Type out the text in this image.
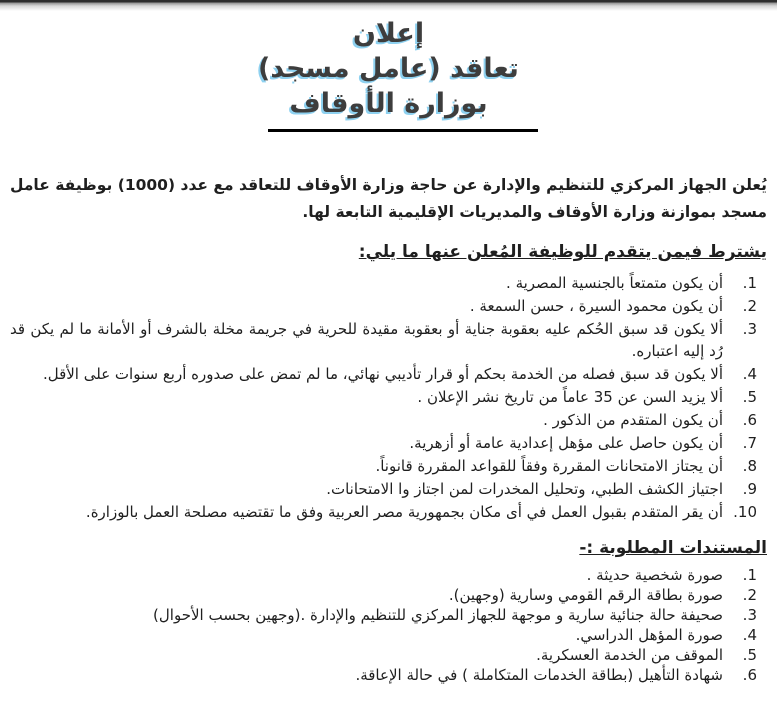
إعلان
تعاقد (عامل مسجد)
بوزارة الأوقاف

يُعلن الجهاز المركزي للتنظيم والإدارة عن حاجة وزارة الأوقاف للتعاقد مع عدد (1000) بوظيفة عامل مسجد بموازنة وزارة الأوقاف والمديريات الإقليمية التابعة لها.

يشترط فيمن يتقدم للوظيفة المُعلن عنها ما يلي:
أن يكون متمتعاً بالجنسية المصرية .
أن يكون محمود السيرة ، حسن السمعة .
ألا يكون قد سبق الحُكم عليه بعقوبة جناية أو بعقوبة مقيدة للحرية في جريمة مخلة بالشرف أو الأمانة ما لم يكن قد رُد إليه اعتباره.
ألا يكون قد سبق فصله من الخدمة بحكم أو قرار تأديبي نهائي، ما لم تمض على صدوره أربع سنوات على الأقل.
ألا يزيد السن عن 35 عاماً من تاريخ نشر الإعلان .
أن يكون المتقدم من الذكور .
أن يكون حاصل على مؤهل إعدادية عامة أو أزهرية.
أن يجتاز الامتحانات المقررة وفقاً للقواعد المقررة قانوناً.
اجتياز الكشف الطبي، وتحليل المخدرات لمن اجتاز وا الامتحانات.
أن يقر المتقدم بقبول العمل في أى مكان بجمهورية مصر العربية وفق ما تقتضيه مصلحة العمل بالوزارة.
المستندات المطلوبة :-
صورة شخصية حديثة .
صورة بطاقة الرقم القومي وسارية (وجهين).
صحيفة حالة جنائية سارية و موجهة للجهاز المركزي للتنظيم والإدارة .(وجهين بحسب الأحوال)
صورة المؤهل الدراسي.
الموقف من الخدمة العسكرية.
شهادة التأهيل (بطاقة الخدمات المتكاملة ) في حالة الإعاقة.
